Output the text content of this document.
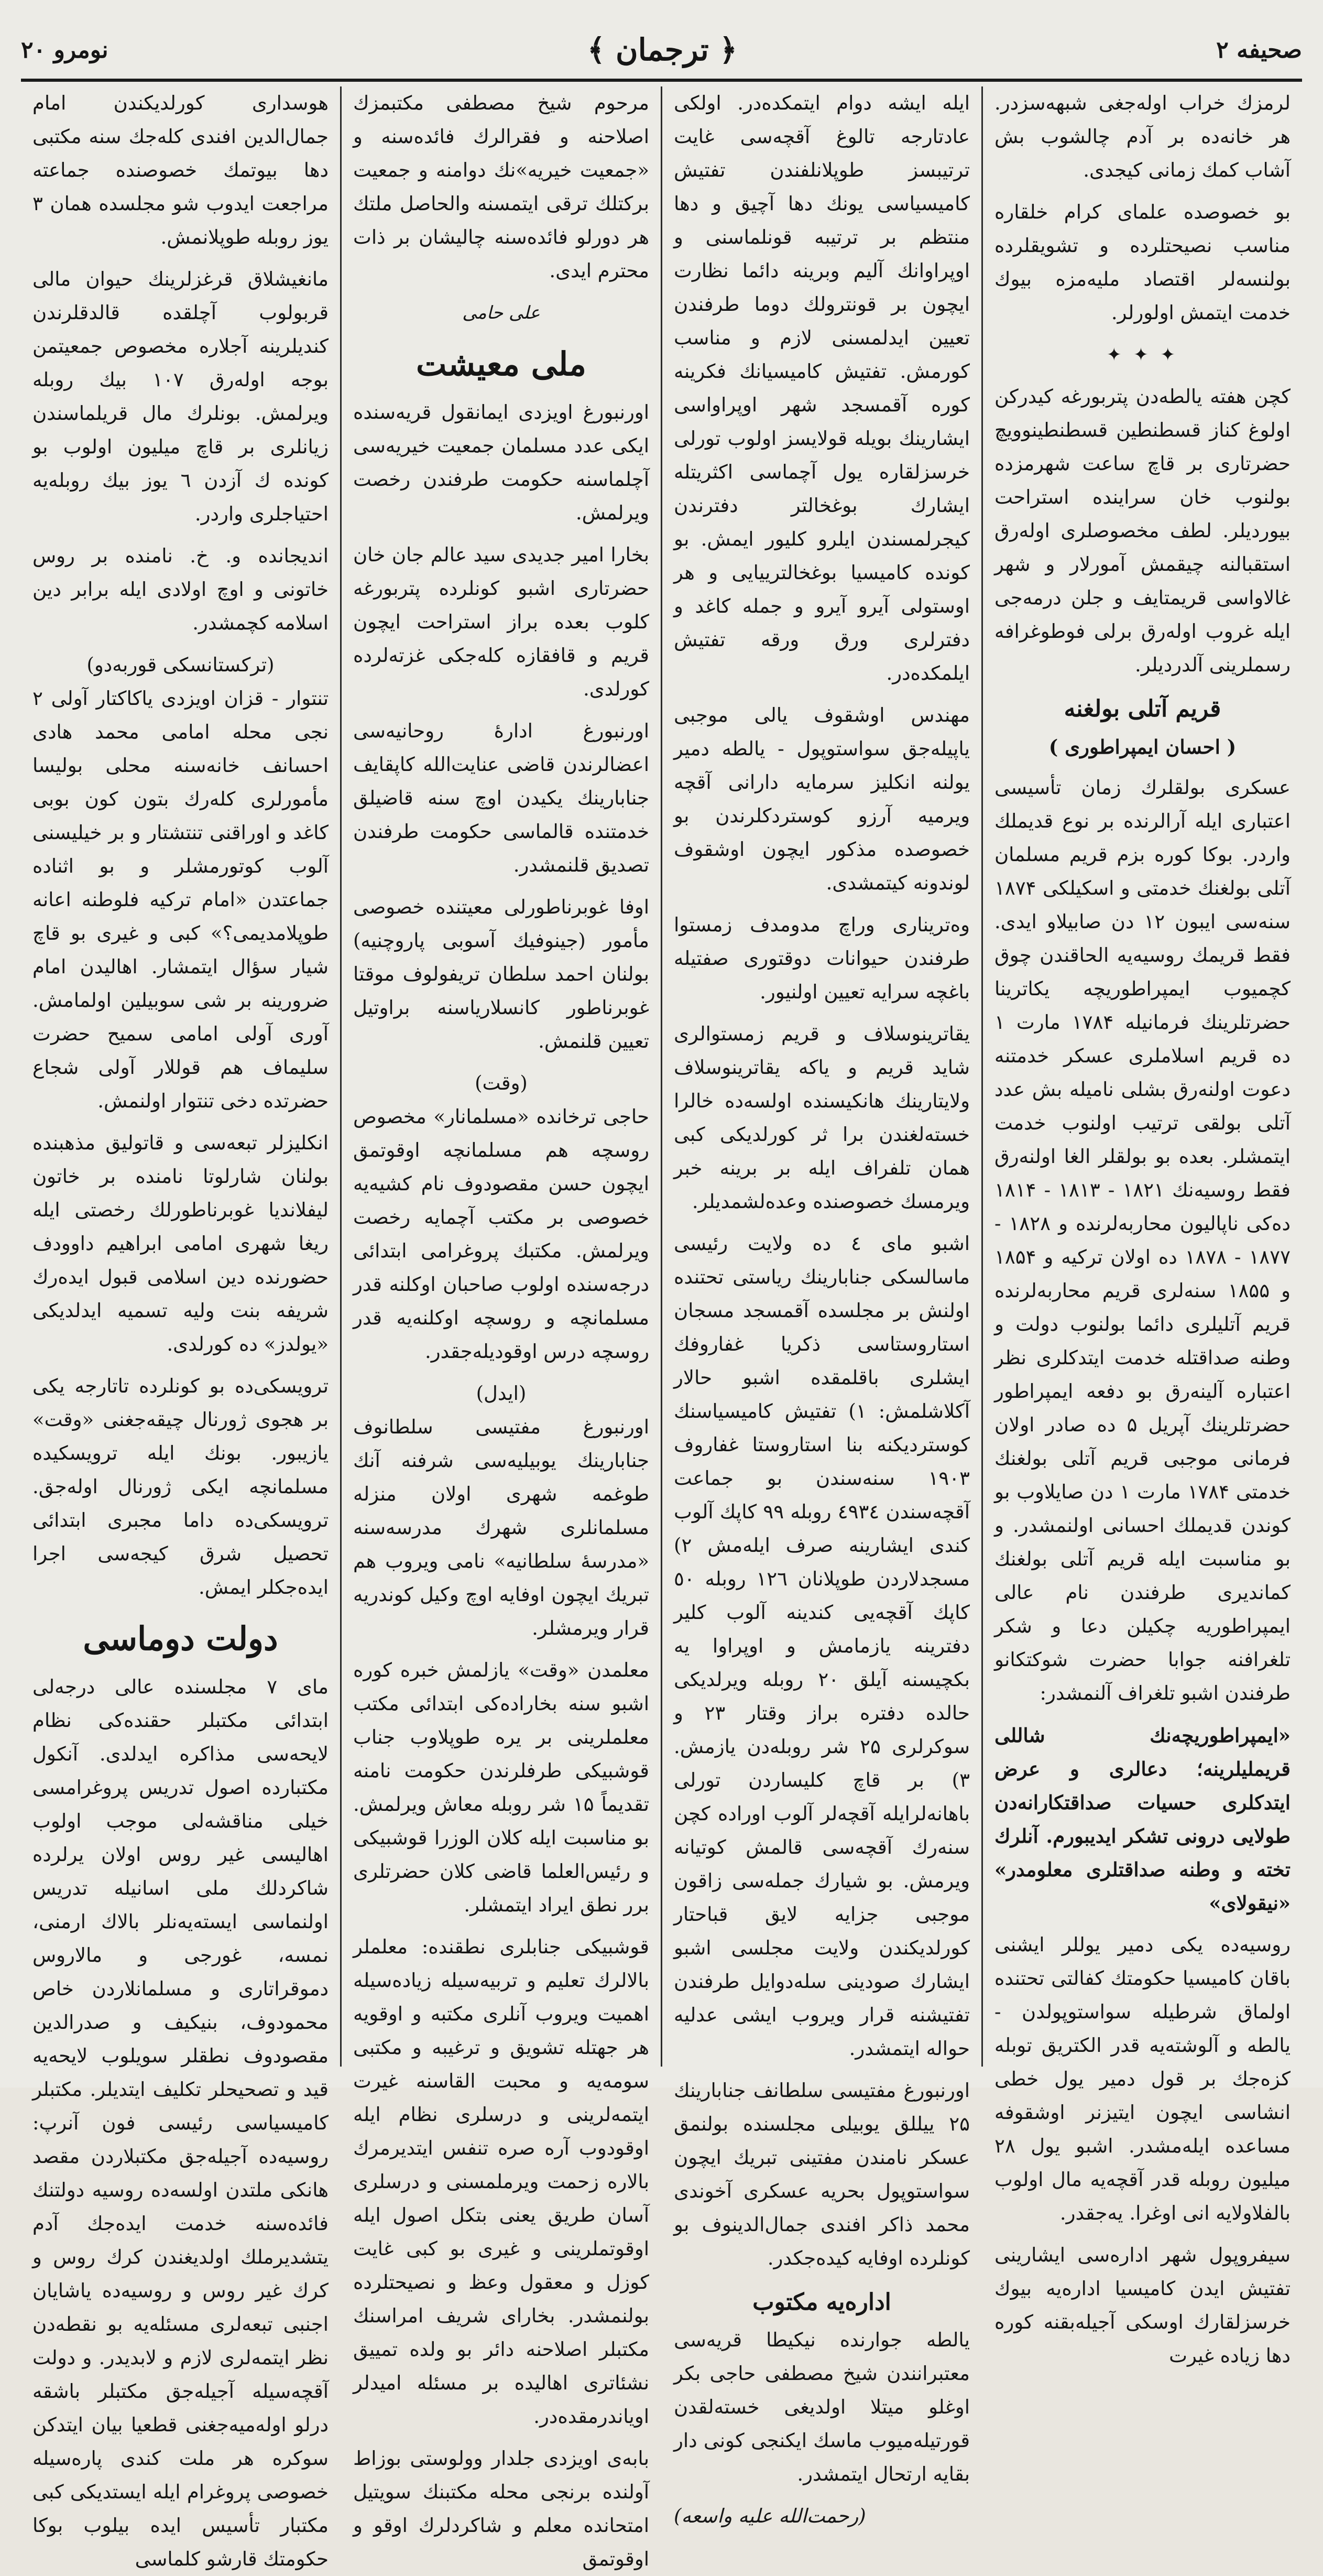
صحیفه ۲
﴿ ترجمان ﴾
نومرو ۲۰

لرمزك خراب اولەجغی شبهەسزدر. هر خانەده بر آدم چالشوب بش آشاب کمك زمانی کیجدی.

بو خصوصده علمای کرام خلقاره مناسب نصیحتلرده و تشویقلرده بولنسەلر اقتصاد ملیەمزه بیوك خدمت ایتمش اولورلر.

✦ ✦ ✦

کچن هفته یالطەدن پتربورغه کیدرکن اولوغ کناز قسطنطین قسطنطینوویچ حضرتاری بر قاچ ساعت شهرمزده بولنوب خان سراینده استراحت بیوردیلر. لطف مخصوصلری اولەرق استقبالنه چیقمش آمورلار و شهر غالاواسی قریمتایف و جلن درمەجی ایله غروب اولەرق برلی فوطوغرافە رسملرینی آلدردیلر.

قریم آتلی بولغنه
( احسان ایمپراطوری )

عسکری بولقلرك زمان تأسیسی اعتباری ایله آرالرنده بر نوع قدیملك واردر. بوکا کوره بزم قریم مسلمان آتلی بولغنك خدمتی و اسکیلکی ۱۸۷۴ سنەسی ایبون ۱۲ دن صابیلاو ایدی. فقط قریمك روسیەیه الحاقندن چوق کچمیوب ایمپراطوریچه یکاترینا حضرتلرینك فرمانیله ۱۷۸۴ مارت ۱ دە قریم اسلاملری عسکر خدمتنه دعوت اولنەرق بشلی نامیله بش عدد آتلی بولقی ترتیب اولنوب خدمت ایتمشلر. بعده بو بولقلر الغا اولنەرق فقط روسیەنك ۱۸۲۱ - ۱۸۱۳ - ۱۸۱۴ دەکی ناپالیون محاربەلرنده و ۱۸۲۸ - ۱۸۷۷ - ۱۸۷۸ دە اولان ترکیه و ۱۸۵۴ و ۱۸۵۵ سنەلری قریم محاربەلرنده قریم آتلیلری دائما بولنوب دولت و وطنه صداقتله خدمت ایتدکلری نظر اعتباره آلینەرق بو دفعه ایمپراطور حضرتلرینك آپریل ۵ دە صادر اولان فرمانی موجبی قریم آتلی بولغنك خدمتی ۱۷۸۴ مارت ۱ دن صایلاوب بو کوندن قدیملك احسانی اولنمشدر. و بو مناسبت ایله قریم آتلی بولغنك کماندیری طرفندن نام عالی ایمپراطوریه چکیلن دعا و شکر تلغرافنه جوابا حضرت شوکتکانو طرفندن اشبو تلغراف آلنمشدر:

«ایمپراطوریچەنك شاللی قریملیلرینه؛ دعالری و عرض ایتدکلری حسیات صداقتکارانەدن طولایی درونی تشکر ایدیبورم. آنلرك تخته و وطنه صداقتلری معلومدر» «نیقولای»

روسیەده یکی دمیر یوللر ایشنی باقان کامیسیا حکومتك کفالتی تحتنده اولماق شرطیله سواستوپولدن - یالطه و آلوشتەیه قدر الکتریق توبله کزەجك بر قول دمیر یول خطی انشاسی ایچون ایتیزنر اوشقوفه مساعده ایلەمشدر. اشبو یول ۲۸ میلیون روبله قدر آقچەیه مال اولوب بالفلاولایه انی اوغرا. یەجقدر.

سیفروپول شهر ادارەسی ایشارینی تفتیش ایدن کامیسیا ادارەیه بیوك خرسزلقارك اوسکی آجیلەبقنه کوره دها زیاده غیرت

ایله ایشه دوام ایتمکده‌در. اولکی عادتارجه تالوغ آقچه‌سی غایت ترتیبسز طوپلانلفندن تفتیش کامیسیاسی یونك دها آچیق و دها منتظم بر ترتیبه قونلماسنی و اوپراوانك آلیم وبرینه دائما نظارت ایچون بر قونترولك دوما طرفندن تعیین ایدلمسنی لازم و مناسب کورمش. تفتیش کامیسیانك فکرینه کوره آقمسجد شهر اوپراواسی ایشارینك بویله قولایسز اولوب تورلی خرسزلقاره یول آچماسی اکثریتله ایشارك بوغخالتر دفترندن کیجرلمسندن ایلرو کلیور ایمش. بو کونده کامیسیا بوغخالترییایی و هر اوستولی آیرو آیرو و جمله کاغد و دفترلری ورق ورقه تفتیش ایلمکده‌در.

مهندس اوشقوف یالی موجبی یاپیلەجق سواستوپول - یالطه دمیر یولنه انکلیز سرمایه دارانی آقچه ویرمیه آرزو کوستردکلرندن بو خصوصده مذکور ایچون اوشقوف لوندونه کیتمشدی.

وەتریناری وراچ مدومدف زمستوا طرفندن حیوانات دوقتوری صفتیله باغچه سرایه تعیین اولنیور.

یقاترینوسلاف و قریم زمستوالری شاید قریم و یاکه یقاترینوسلاف ولایتارینك هانکیسنده اولسەده خالرا خستەلغندن برا ثر کورلدیکی کبی همان تلفراف ایله بر برینه خبر ویرمسك خصوصنده وعدەلشمدیلر.

اشبو مای ٤ دە ولایت رئیسی ماسالسکی جنابارینك ریاستی تحتنده اولنش بر مجلسده آقمسجد مسجان استاروستاسی ذکریا غفاروفك ایشلری باقلمقده اشبو حالار آکلاشلمش: ۱) تفتیش کامیسیاسنك کوستردیکنه بنا استاروستا غفاروف ۱۹۰۳ سنەسندن بو جماعت آقچەسندن ٤٩٣٤ روبله ۹۹ کاپك آلوب کندی ایشارینه صرف ایلەمش ۲) مسجدلاردن طوپلانان ۱۲٦ روبله ٥٠ کاپك آقچەیی کندینه آلوب کلیر دفترینه یازمامش و اوپراوا یه بکچیسنه آیلق ۲۰ روبله ویرلدیکی حالده دفتره براز وقتار ۲۳ و سوکرلری ۲۵ شر روبلەدن یازمش. ۳) بر قاچ کلیساردن تورلی باهانەلرایله آقچەلر آلوب اوراده کچن سنەرك آقچەسی قالمش کوتیانه ویرمش. بو شیارك جملەسی زاقون موجبی جزایه لایق قباحتار کورلدیکندن ولایت مجلسی اشبو ایشارك صودینی سلەدوایل طرفندن تفتیشنه قرار ویروب ایشی عدلیه حواله ایتمشدر.

اورنبورغ مفتیسی سلطانف جنابارینك ۲۵ ییللق یوبیلی مجلسنده بولنمق عسکر نامندن مفتینی تبریك ایچون سواستوپول بحریه عسکری آخوندی محمد ذاکر افندی جمال‌الدینوف بو کونلرده اوفایه کیده‌جکدر.

ادارەیه مکتوب

یالطه جوارنده نیکیطا قریەسی معتبرانندن شیخ مصطفی حاجی بکر اوغلو میتلا اولدیغی خستەلقدن قورتیلەمیوب ماسك ایکنجی کونی دار بقایه ارتحال ایتمشدر.

(رحمت‌الله علیه واسعه)

مرحوم شیخ مصطفی مکتبمزك اصلاحنه و فقرالرك فائدەسنه و «جمعیت خیریه»نك دوامنه و جمعیت برکتلك ترقی ایتمسنه والحاصل ملتك هر دورلو فائدەسنه چالیشان بر ذات محترم ایدی.

علی حامی
ملی معیشت

اورنبورغ اویزدی ایمانقول قریەسنده ایکی عدد مسلمان جمعیت خیریەسی آچلماسنه حکومت طرفندن رخصت ویرلمش.

بخارا امیر جدیدی سید عالم جان خان حضرتاری اشبو کونلرده پتربورغه کلوب بعده براز استراحت ایچون قریم و قافقازه کلەجکی غزتەلرده کورلدی.

اورنبورغ ادارهٔ روحانیەسی اعضالرندن قاضی عنایت‌الله کاپقایف جنابارینك یکیدن اوچ سنه قاضیلق خدمتنده قالماسی حکومت طرفندن تصدیق قلنمشدر.

اوفا غوبرناطورلی معیتنده خصوصی مأمور (جینوفیك آسوبی پاروچنیه) بولنان احمد سلطان تریفولوف موقتا غوبرناطور کانسلاریاسنه براوتیل تعیین قلنمش.

(وقت)

حاجی ترخانده «مسلمانار» مخصوص روسچه هم مسلمانچه اوقوتمق ایچون حسن مقصودوف نام کشیەیه خصوصی بر مکتب آچمایه رخصت ویرلمش. مکتبك پروغرامی ابتدائی درجەسنده اولوب صاحبان اوکلنه قدر مسلمانچه و روسچه اوکلنه‌یه قدر روسچه درس اوقودیلەجقدر.

(ایدل)

اورنبورغ مفتیسی سلطانوف جنابارینك یوبیلیەسی شرفنه آنك طوغمه شهری اولان منزله مسلمانلری شهرك مدرسەسنه «مدرسهٔ سلطانیه» نامی ویروب هم تبریك ایچون اوفایه اوچ وکیل کوندریه قرار ویرمشلر.

معلمدن «وقت» یازلمش خبره کوره اشبو سنه بخاراده‌کی ابتدائی مکتب معلملرینی بر یره طوپلاوب جناب قوشبیکی طرفلرندن حکومت نامنه تقدیماً ۱۵ شر روبله معاش ویرلمش. بو مناسبت ایله کلان الوزرا قوشبیکی و رئیس‌العلما قاضی کلان حضرتلری برر نطق ایراد ایتمشلر.

قوشبیکی جنابلری نطقنده: معلملر بالالرك تعلیم و تربیەسیله زیادەسیله اهمیت ویروب آنلری مکتبه و اوقویه هر جهتله تشویق و ترغیبه و مکتبی سومەیه و محبت القاسنه غیرت ایتمەلرینی و درسلری نظام ایله اوقودوب آره صره تنفس ایتدیرمرك بالاره زحمت ویرملمسنی و درسلری آسان طریق یعنی بتکل اصول ایله اوقوتملرینی و غیری بو کبی غایت کوزل و معقول وعظ و نصیحتلرده بولنمشدر. بخارای شریف امراسنك مکتبلر اصلاحنه دائر بو ولده تمییق نشئاتری اهالیده بر مسئله امیدلر اویاندرمقده‌در.

بابەی اویزدی جلدار وولوستی بوزاط آولنده برنجی محله مکتبنك سویتیل امتحانده معلم و شاکردلرك اوقو و اوقوتمق

هوسداری کورلدیکندن امام جمال‌الدین افندی کلەجك سنه مکتبی دها بیوتمك خصوصنده جماعته مراجعت ایدوب شو مجلسده همان ۳ یوز روبله طوپلانمش.

مانغیشلاق قرغزلرینك حیوان مالی قربولوب آچلقده قالدقلرندن کندیلرینه آجلاره مخصوص جمعیتمن بوجه اولەرق ۱۰۷ بیك روبله ویرلمش. بونلرك مال قریلماسندن زیانلری بر قاچ میلیون اولوب بو کونده ك آزدن ٦ یوز بیك روبلەیه احتیاجلری واردر.

اندیجانده و. خ. نامنده بر روس خاتونی و اوچ اولادی ایله برابر دین اسلامه کچمشدر.

(ترکستانسکی قوربەدو)

تنتوار - قزان اویزدی یاکاکتار آولی ۲ نجی محله امامی محمد هادی احسانف خانەسنه محلی بولیسا مأمورلری کلەرك بتون کون بوبی کاغد و اوراقنی تنتشتار و بر خیلیسنی آلوب کوتورمشلر و بو اثناده جماعتدن «امام ترکیه فلوطنه اعانه طوپلامدیمی؟» کبی و غیری بو قاچ شیار سؤال ایتمشار. اهالیدن امام ضرورینه بر شی سوبیلین اولمامش. آوری آولی امامی سمیح حضرت سلیماف هم قوللار آولی شجاع حضرتده دخی تنتوار اولنمش.

انکلیزلر تبعەسی و قاتولیق مذهبنده بولنان شارلوتا نامنده بر خاتون لیفلاندیا غوبرناطورلك رخصتی ایله ریغا شهری امامی ابراهیم داوودف حضورنده دین اسلامی قبول ایدەرك شریفه بنت ولیه تسمیه ایدلدیکی «یولدز» ده کورلدی.

ترویسکی‌ده بو کونلرده تاتارجه یکی بر هجوی ژورنال چیقەجغنی «وقت» یازیبور. بونك ایله ترویسکیده مسلمانچه ایکی ژورنال اولەجق. ترویسکی‌ده داما مجبری ابتدائی تحصیل شرق کیجەسی اجرا ایدەجکلر ایمش.

دولت دوماسی

مای ۷ مجلسنده عالی درجه‌لی ابتدائی مکتبلر حقنده‌کی نظام لایحەسی مذاکره ایدلدی. آنکول مکتبارده اصول تدریس پروغرامسی خیلی مناقشەلی موجب اولوب اهالیسی غیر روس اولان یرلرده شاکردلك ملی اسانیله تدریس اولنماسی ایستەیەنلر بالاك ارمنی، نمسه، غورجی و مالاروس دموقراتاری و مسلمانلاردن خاص محمودوف، بنیکیف و صدرالدین مقصودوف نطقلر سویلوب لایحەیه قید و تصحیحلر تکلیف ایتدیلر. مکتبلر کامیسیاسی رئیسی فون آنرپ: روسیەده آجیلەجق مکتبلاردن مقصد هانکی ملتدن اولسەده روسیه دولتنك فائدەسنه خدمت ایدەجك آدم یتشدیرملك اولدیغندن کرك روس و کرك غیر روس و روسیەده یاشایان اجنبی تبعەلری مسئلەیه بو نقطەدن نظر ایتمەلری لازم و لابدیدر. و دولت آقچەسیله آجیلەجق مکتبلر باشقه درلو اولەمیەجغنی قطعیا بیان ایتدکن سوکره هر ملت کندی پارەسیله خصوصی پروغرام ایله ایستدیکی کبی مکتبار تأسیس ایده بیلوب بوکا حکومتك قارشو کلماسی
